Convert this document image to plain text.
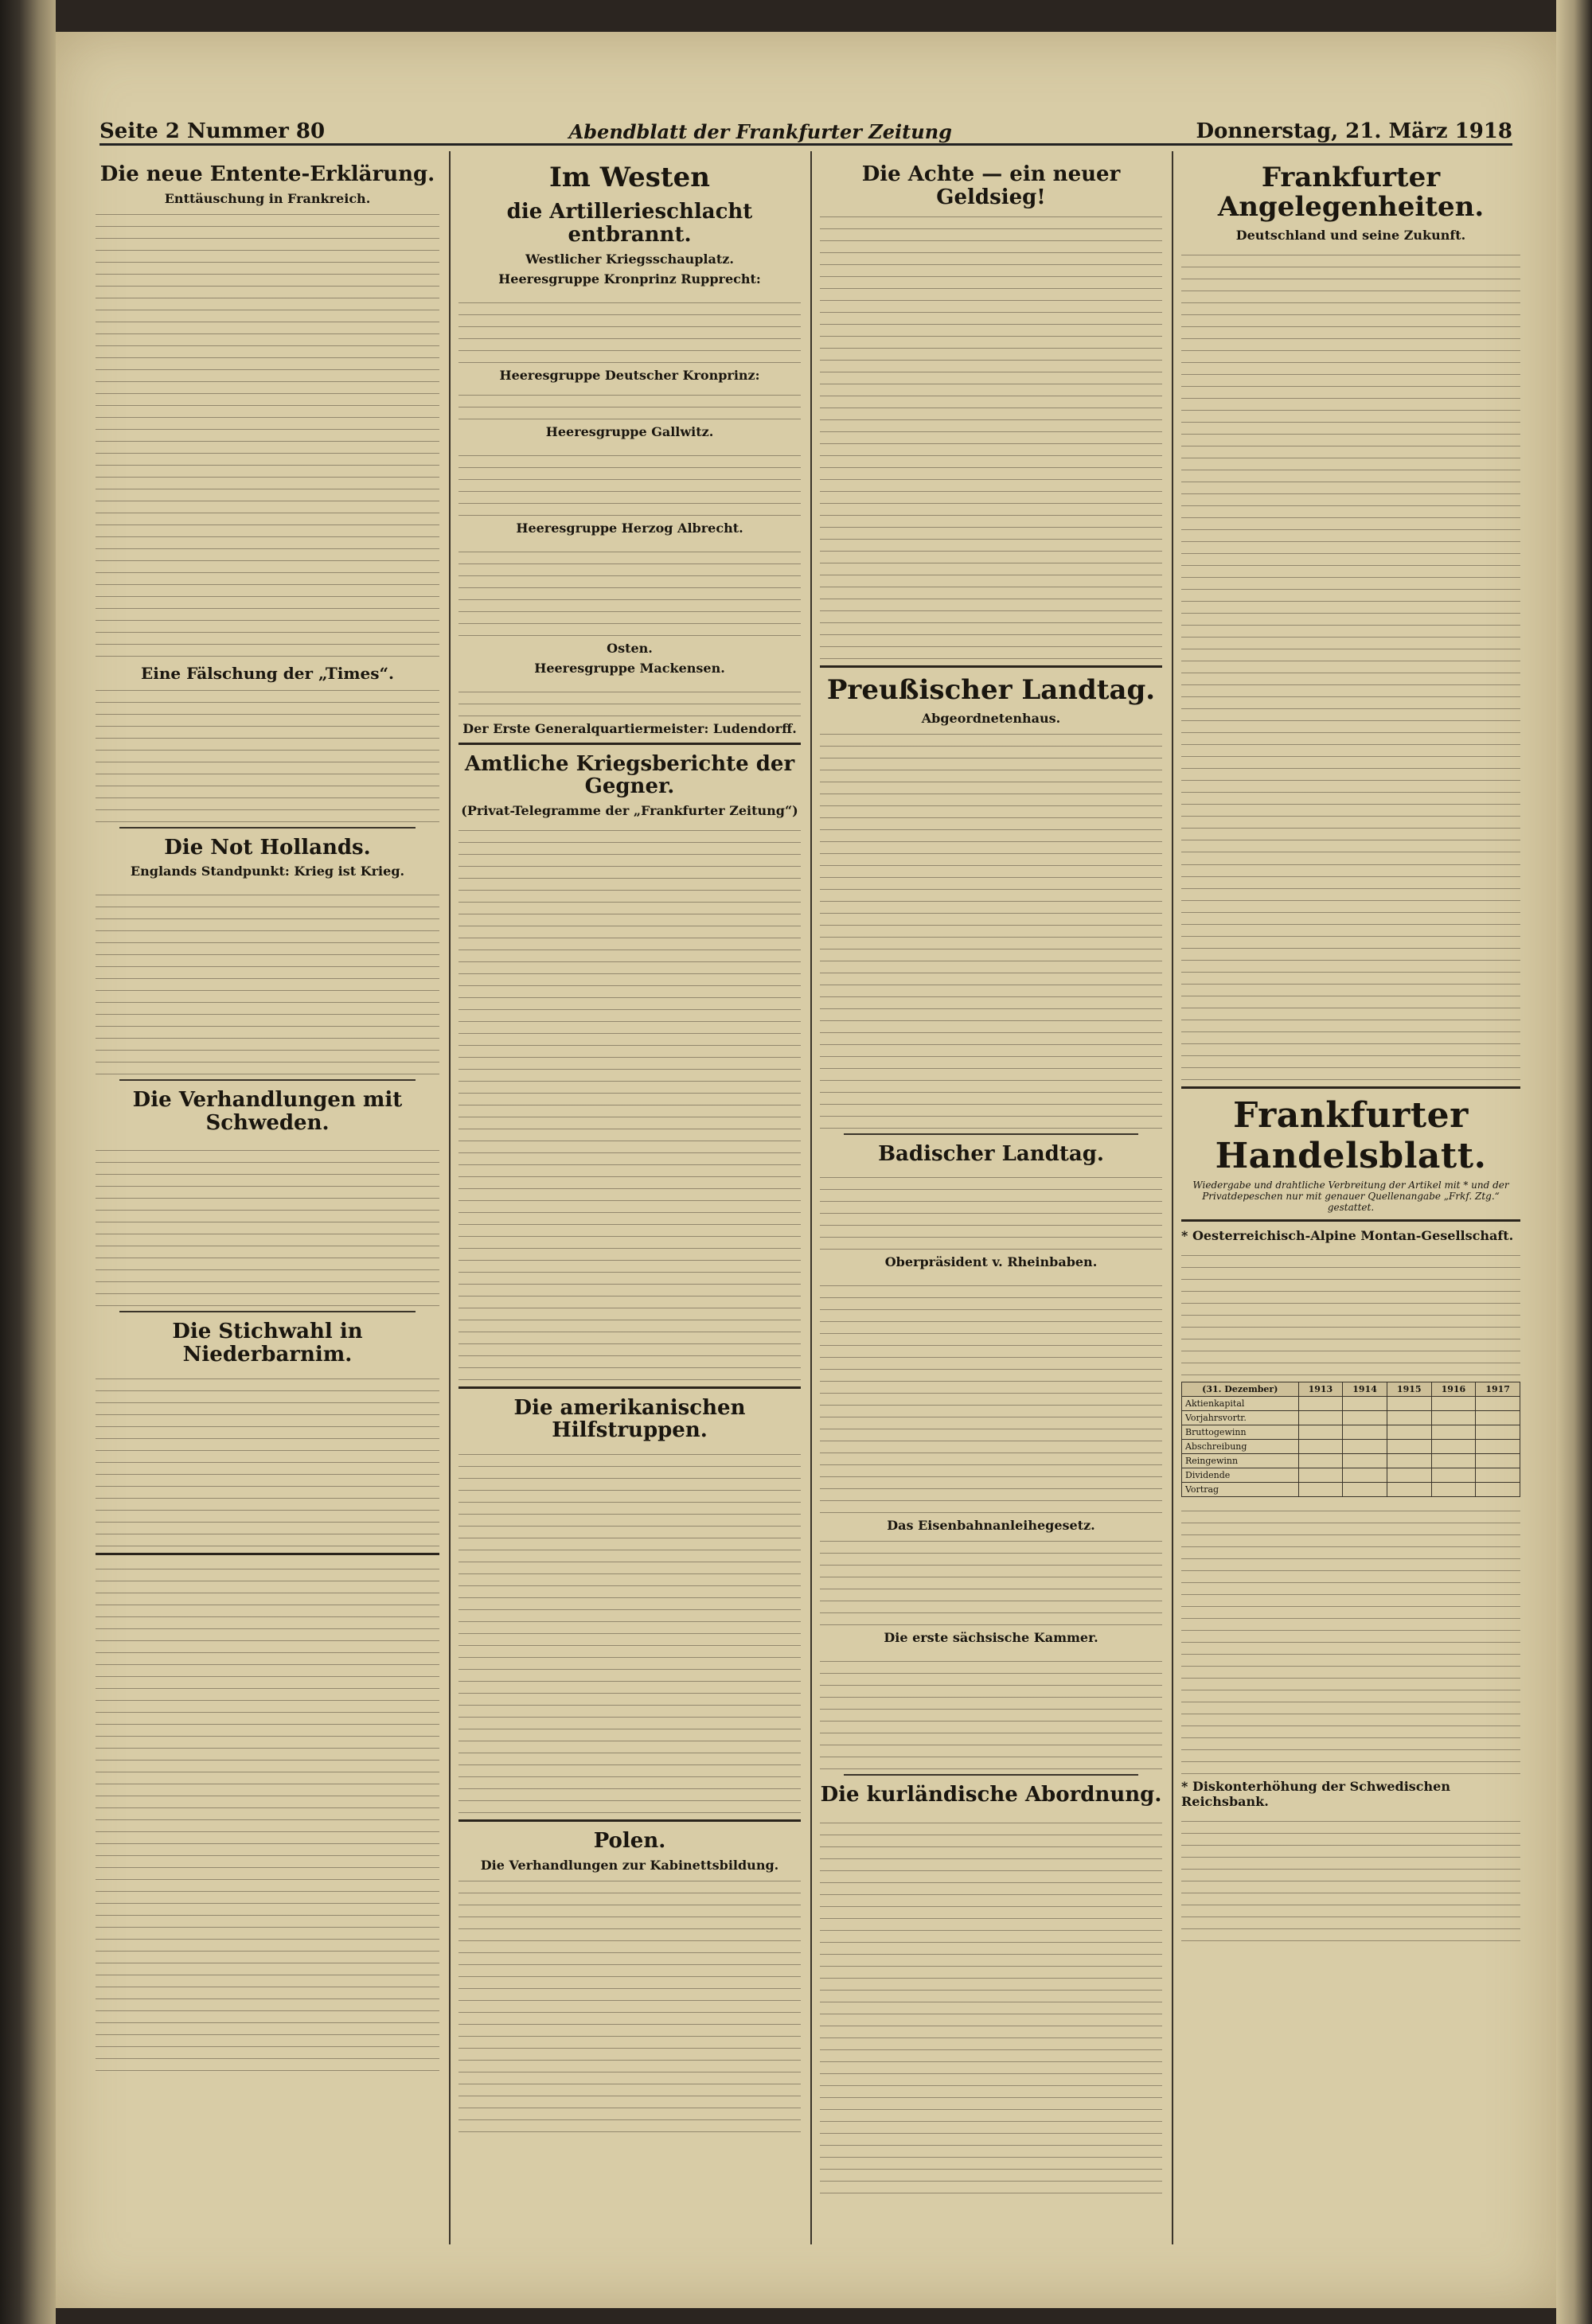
Seite 2 Nummer 80	Abendblatt der Frankfurter Zeitung	Donnerstag, 21. März 1918
Die neue Entente-Erklärung.
Enttäuschung in Frankreich.
Eine Fälschung der „Times“.
Die Not Hollands.
Englands Standpunkt: Krieg ist Krieg.
Die Verhandlungen mit Schweden.
Die Stichwahl in Niederbarnim.
Im Westen
die Artillerieschlacht entbrannt.
Westlicher Kriegsschauplatz.
Heeresgruppe Kronprinz Rupprecht:
Heeresgruppe Deutscher Kronprinz:
Heeresgruppe Gallwitz.
Heeresgruppe Herzog Albrecht.
Osten.
Heeresgruppe Mackensen.
Der Erste Generalquartiermeister: Ludendorff.
Amtliche Kriegsberichte der Gegner.
(Privat-Telegramme der „Frankfurter Zeitung“)
Die amerikanischen Hilfstruppen.
Polen.
Die Verhandlungen zur Kabinettsbildung.
Die Achte — ein neuer Geldsieg!
Preußischer Landtag.
Abgeordnetenhaus.
Badischer Landtag.
Oberpräsident v. Rheinbaben.
Das Eisenbahnanleihegesetz.
Die erste sächsische Kammer.
Die kurländische Abordnung.
Frankfurter Angelegenheiten.
Deutschland und seine Zukunft.
Frankfurter Handelsblatt.
Wiedergabe und drahtliche Verbreitung der Artikel mit * und der Privatdepeschen nur mit genauer Quellenangabe „Frkf. Ztg.“ gestattet.
* Oesterreichisch-Alpine Montan-Gesellschaft.
(31. Dezember)	1913	1914	1915	1916	1917
Aktienkapital					
Vorjahrsvortr.					
Bruttogewinn					
Abschreibung					
Reingewinn					
Dividende					
Vortrag					
* Diskonterhöhung der Schwedischen Reichsbank.
